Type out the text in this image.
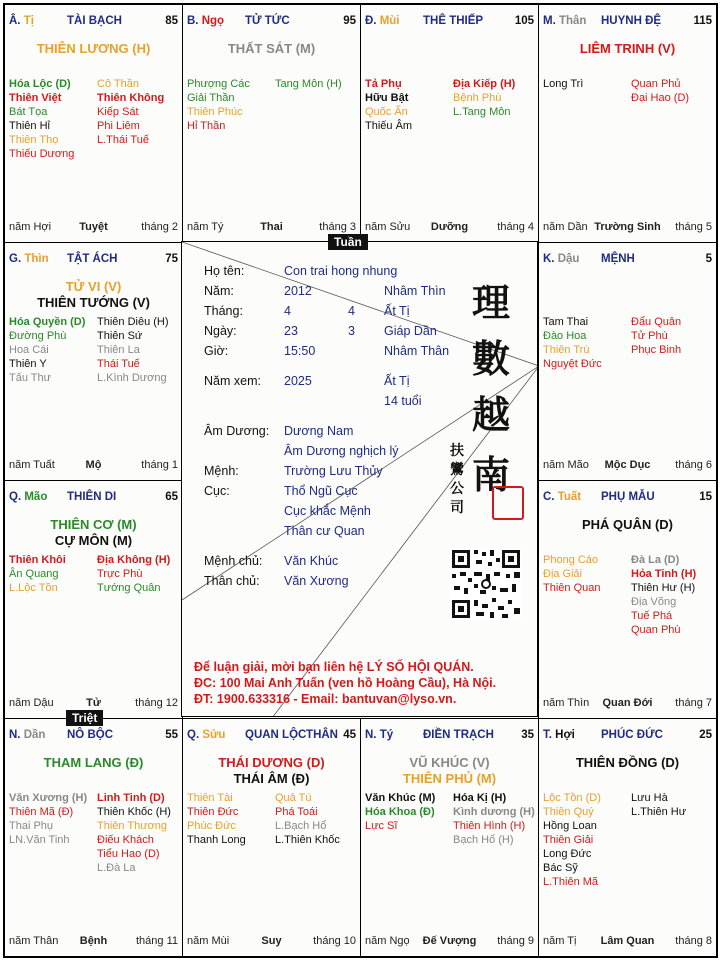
Â. Tị	TÀI BẠCH	85
THIÊN LƯƠNG (H)
Hóa Lộc (D)
Thiên Việt
Bát Tọa
Thiên Hỉ
Thiên Thọ
Thiếu Dương
Cô Thần
Thiên Không
Kiếp Sát
Phi Liêm
L.Thái Tuế
năm Hợi	Tuyệt	tháng 2
B. Ngọ TỬ TỨC	95
THẤT SÁT (M)
Phượng Các
Giải Thần
Thiên Phúc
Hỉ Thần
Tang Môn (H)
năm Tý	Thai	tháng 3
Đ. Mùi THÊ THIẾP	105
Tả Phụ
Hữu Bật
Quốc Ấn
Thiếu Âm
Địa Kiếp (H)
Bệnh Phù
L.Tang Môn
năm Sửu	Dưỡng	tháng 4
M. Thân HUYNH ĐỆ	115
LIÊM TRINH (V)
Long Trì	Quan Phủ
Đại Hao (D)
năm Dần Trường Sinh	tháng 5
G. Thìn TẬT ÁCH	75
TỬ VI (V)
THIÊN TƯỚNG (V)
Hóa Quyền (D)
Đường Phù
Hoa Cái
Thiên Y
Tấu Thư
Thiên Diêu (H)
Thiên Sứ
Thiên La
Thái Tuế
L.Kình Dương
năm Tuất	Mộ	tháng 1
K. Dậu MỆNH	5
Tam Thai
Đào Hoa
Thiên Trù
Nguyệt Đức
Đẩu Quân
Tử Phù
Phục Binh
năm Mão	Mộc Dục	tháng 6
Q. Mão THIÊN DI	65
THIÊN CƠ (M)
CỰ MÔN (M)
Thiên Khôi
Ân Quang
L.Lộc Tồn
Địa Không (H)
Trực Phù
Tướng Quân
năm Dậu	Tử	tháng 12
C. Tuất PHỤ MẪU	15
PHÁ QUÂN (D)
Phong Cáo
Địa Giải
Thiên Quan
Đà La (D)
Hỏa Tinh (H)
Thiên Hư (H)
Địa Võng
Tuế Phá
Quan Phù
năm Thìn	Quan Đới	tháng 7
N. Dần NÔ BỘC	55
THAM LANG (Đ)
Văn Xương (H)
Thiên Mã (Đ)
Thai Phụ
LN.Văn Tinh
Linh Tinh (D)
Thiên Khốc (H)
Thiên Thương
Điếu Khách
Tiểu Hao (D)
L.Đà La
năm Thân	Bệnh	tháng 11
Q. Sửu QUAN LỘC THÂN 45
THÁI DƯƠNG (D)
THÁI ÂM (Đ)
Thiên Tài
Thiên Đức
Phúc Đức
Thanh Long
Quả Tú
Phá Toái
L.Bạch Hổ
L.Thiên Khốc
năm Mùi	Suy	tháng 10
N. Tý	ĐIỀN TRẠCH 35
VŨ KHÚC (V)
THIÊN PHỦ (M)
Văn Khúc (M)
Hóa Khoa (Đ)
Lực Sĩ
Hóa Kị (H)
Kình dương (H)
Thiên Hình (H)
Bạch Hổ (H)
năm Ngọ	Đế Vượng	tháng 9
T. Hợi PHÚC ĐỨC	25
THIÊN ĐỒNG (D)
Lộc Tồn (D)
Thiên Quý
Hồng Loan
Thiên Giải
Long Đức
Bác Sỹ
L.Thiên Mã
Lưu Hà
L.Thiên Hư
năm Tị	Lâm Quan	tháng 8
Họ tên:	Con trai hong nhung
Năm:	2012	Nhâm Thìn
Tháng:	4	4 Ất Tị
Ngày:	23	3 Giáp Dần
Giờ:	15:50	Nhâm Thân
Năm xem: 2025	Ất Tị
14 tuổi
Âm Dương: Dương Nam
Âm Dương nghịch lý
Mệnh:	Trường Lưu Thủy
Cục:	Thổ Ngũ Cục
Cục khắc Mệnh
Thân cư Quan
Mệnh chủ: Văn Khúc
Thân chủ: Văn Xương
理
數
越
南
扶鸞公司
Để luận giải, mời bạn liên hệ LÝ SỐ HỘI QUÁN.
ĐC: 100 Mai Anh Tuấn (ven hồ Hoàng Cầu), Hà Nội.
ĐT: 1900.633316 - Email: bantuvan@lyso.vn.
Tuần
Triệt
